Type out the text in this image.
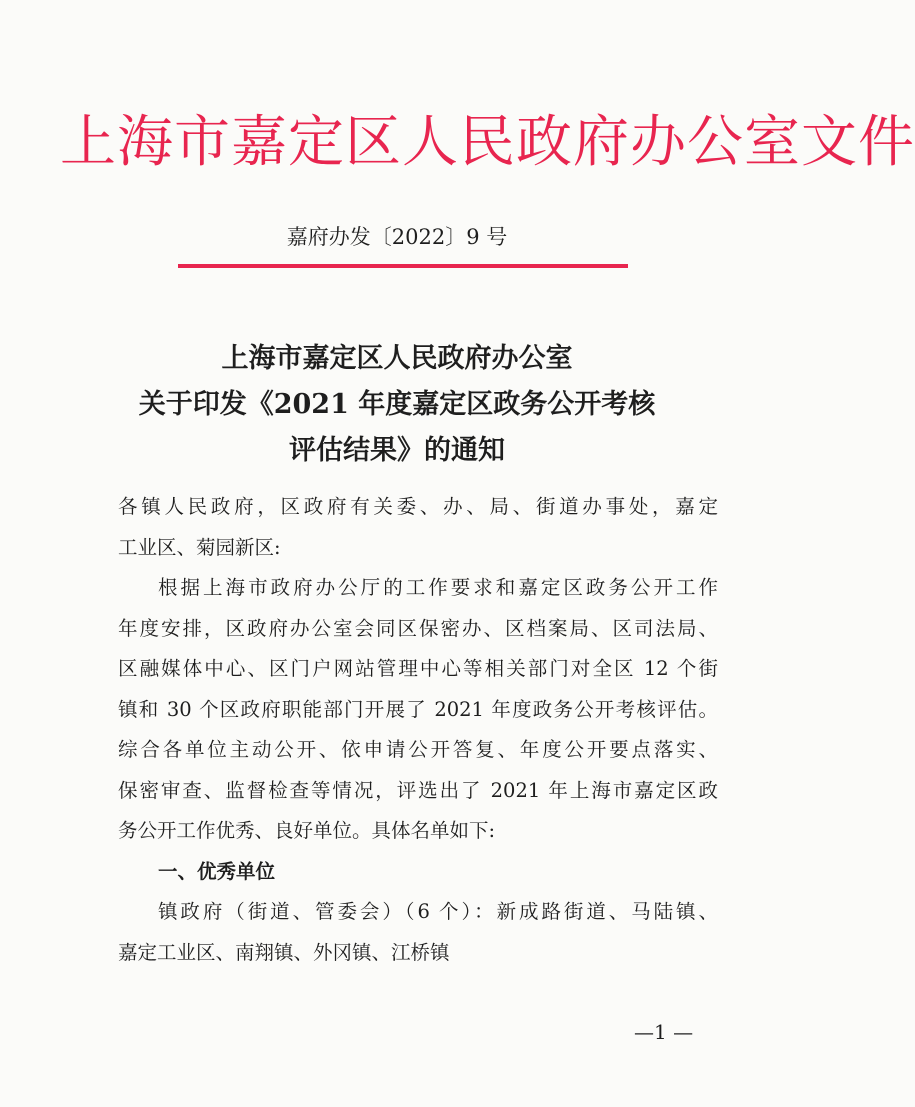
上海市嘉定区人民政府办公室文件
嘉府办发〔2022〕9 号
上海市嘉定区人民政府办公室
关于印发《2021 年度嘉定区政务公开考核
评估结果》的通知
各镇人民政府，区政府有关委、办、局、街道办事处，嘉定
工业区、菊园新区:
根据上海市政府办公厅的工作要求和嘉定区政务公开工作
年度安排，区政府办公室会同区保密办、区档案局、区司法局、
区融媒体中心、区门户网站管理中心等相关部门对全区 12 个街
镇和 30 个区政府职能部门开展了 2021 年度政务公开考核评估。
综合各单位主动公开、依申请公开答复、年度公开要点落实、
保密审查、监督检查等情况，评选出了 2021 年上海市嘉定区政
务公开工作优秀、良好单位。具体名单如下:
一、优秀单位
镇政府（街道、管委会）（6 个）：新成路街道、马陆镇、
嘉定工业区、南翔镇、外冈镇、江桥镇
—1 —
